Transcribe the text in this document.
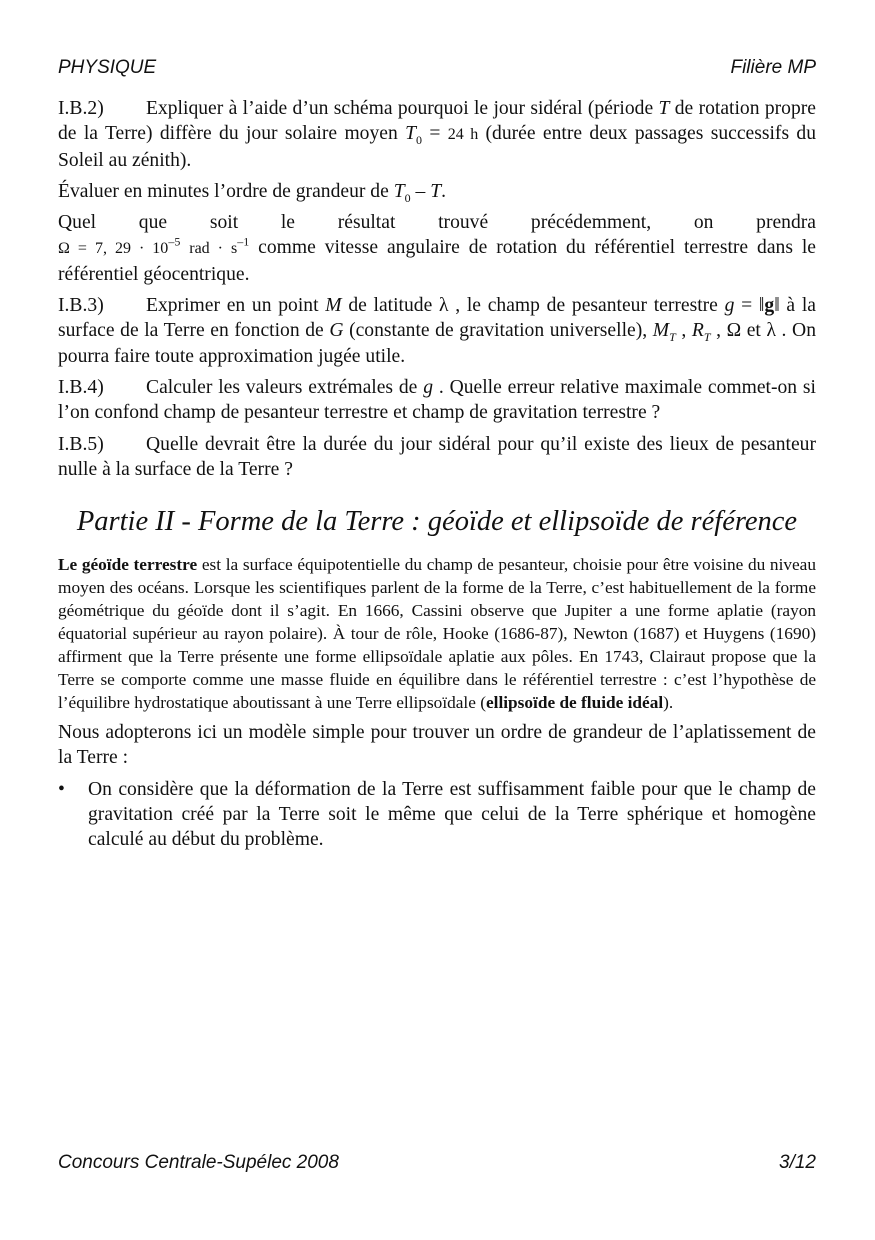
PHYSIQUE	Filière MP

I.B.2) Expliquer à l’aide d’un schéma pourquoi le jour sidéral (période T de rotation propre de la Terre) diffère du jour solaire moyen $T_0 = 24$ h (durée entre deux passages successifs du Soleil au zénith).

Évaluer en minutes l’ordre de grandeur de $T_0$ – T.

Quel que soit le résultat trouvé précédemment, on prendra
Ω = 7, $29 \cdot 10^{-5}$ rad · $s^{-1}$ comme vitesse angulaire de rotation du référentiel terrestre dans le référentiel géocentrique.

I.B.3) Exprimer en un point M de latitude λ , le champ de pesanteur terrestre g = ‖g‖ à la surface de la Terre en fonction de G (constante de gravitation universelle), $M_T$ , $R_T$ , Ω et λ . On pourra faire toute approximation jugée utile.

I.B.4) Calculer les valeurs extrémales de g . Quelle erreur relative maximale commet-on si l’on confond champ de pesanteur terrestre et champ de gravitation terrestre ?

I.B.5) Quelle devrait être la durée du jour sidéral pour qu’il existe des lieux de pesanteur nulle à la surface de la Terre ?

Partie II - Forme de la Terre : géoïde et ellipsoïde de référence

Le géoïde terrestre est la surface équipotentielle du champ de pesanteur, choisie pour être voisine du niveau moyen des océans. Lorsque les scientifiques parlent de la forme de la Terre, c’est habituellement de la forme géométrique du géoïde dont il s’agit. En 1666, Cassini observe que Jupiter a une forme aplatie (rayon équatorial supérieur au rayon polaire). À tour de rôle, Hooke (1686-87), Newton (1687) et Huygens (1690) affirment que la Terre présente une forme ellipsoïdale aplatie aux pôles. En 1743, Clairaut propose que la Terre se comporte comme une masse fluide en équilibre dans le référentiel terrestre : c’est l’hypothèse de l’équilibre hydrostatique aboutissant à une Terre ellipsoïdale (ellipsoïde de fluide idéal).

Nous adopterons ici un modèle simple pour trouver un ordre de grandeur de l’aplatissement de la Terre :

• On considère que la déformation de la Terre est suffisamment faible pour que le champ de gravitation créé par la Terre soit le même que celui de la Terre sphérique et homogène calculé au début du problème.

Concours Centrale-Supélec 2008	3/12
